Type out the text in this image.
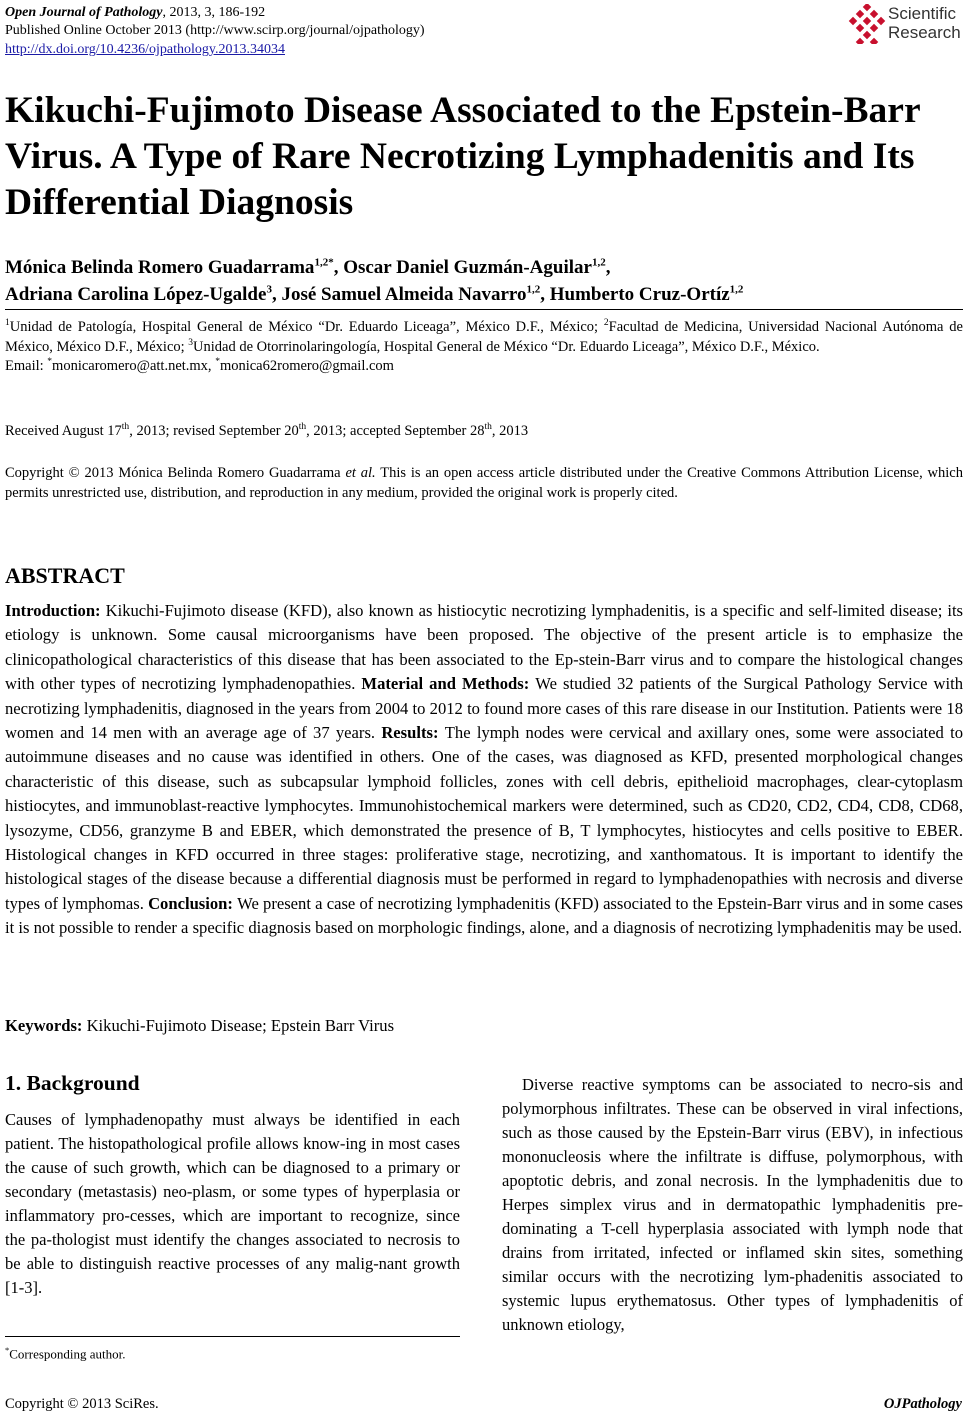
Open Journal of Pathology, 2013, 3, 186-192
Published Online October 2013 (http://www.scirp.org/journal/ojpathology)
http://dx.doi.org/10.4236/ojpathology.2013.34034
Scientific
Research
Kikuchi-Fujimoto Disease Associated to the Epstein-Barr Virus. A Type of Rare Necrotizing Lymphadenitis and Its Differential Diagnosis
Mónica Belinda Romero Guadarrama$^{1,2*}$, Oscar Daniel Guzmán-Aguilar$^{1,2}$,
Adriana Carolina López-Ugalde$^3$, José Samuel Almeida Navarro$^{1,2}$, Humberto Cruz-Ortíz$^{1,2}$
$^1$Unidad de Patología, Hospital General de México “Dr. Eduardo Liceaga”, México D.F., México; $^2$Facultad de Medicina, Universidad Nacional Autónoma de México, México D.F., México; $^3$Unidad de Otorrinolaringología, Hospital General de México “Dr. Eduardo Liceaga”, México D.F., México.
Email: *monicaromero@att.net.mx, *monica62romero@gmail.com
Received August 17th, 2013; revised September 20th, 2013; accepted September 28th, 2013
Copyright © 2013 Mónica Belinda Romero Guadarrama et al. This is an open access article distributed under the Creative Commons Attribution License, which permits unrestricted use, distribution, and reproduction in any medium, provided the original work is properly cited.
ABSTRACT
Introduction: Kikuchi-Fujimoto disease (KFD), also known as histiocytic necrotizing lymphadenitis, is a specific and self-limited disease; its etiology is unknown. Some causal microorganisms have been proposed. The objective of the present article is to emphasize the clinicopathological characteristics of this disease that has been associated to the Ep-stein-Barr virus and to compare the histological changes with other types of necrotizing lymphadenopathies. Material and Methods: We studied 32 patients of the Surgical Pathology Service with necrotizing lymphadenitis, diagnosed in the years from 2004 to 2012 to found more cases of this rare disease in our Institution. Patients were 18 women and 14 men with an average age of 37 years. Results: The lymph nodes were cervical and axillary ones, some were associated to autoimmune diseases and no cause was identified in others. One of the cases, was diagnosed as KFD, presented morphological changes characteristic of this disease, such as subcapsular lymphoid follicles, zones with cell debris, epithelioid macrophages, clear-cytoplasm histiocytes, and immunoblast-reactive lymphocytes. Immunohistochemical markers were determined, such as CD20, CD2, CD4, CD8, CD68, lysozyme, CD56, granzyme B and EBER, which demonstrated the presence of B, T lymphocytes, histiocytes and cells positive to EBER. Histological changes in KFD occurred in three stages: proliferative stage, necrotizing, and xanthomatous. It is important to identify the histological stages of the disease because a differential diagnosis must be performed in regard to lymphadenopathies with necrosis and diverse types of lymphomas. Conclusion: We present a case of necrotizing lymphadenitis (KFD) associated to the Epstein-Barr virus and in some cases it is not possible to render a specific diagnosis based on morphologic findings, alone, and a diagnosis of necrotizing lymphadenitis may be used.
Keywords: Kikuchi-Fujimoto Disease; Epstein Barr Virus
1. Background
Causes of lymphadenopathy must always be identified in each patient. The histopathological profile allows know-ing in most cases the cause of such growth, which can be diagnosed to a primary or secondary (metastasis) neo-plasm, or some types of hyperplasia or inflammatory pro-cesses, which are important to recognize, since the pa-thologist must identify the changes associated to necrosis to be able to distinguish reactive processes of any malig-nant growth [1-3].
Diverse reactive symptoms can be associated to necro-sis and polymorphous infiltrates. These can be observed in viral infections, such as those caused by the Epstein-Barr virus (EBV), in infectious mononucleosis where the infiltrate is diffuse, polymorphous, with apoptotic debris, and zonal necrosis. In the lymphadenitis due to Herpes simplex virus and in dermatopathic lymphadenitis pre-dominating a T-cell hyperplasia associated with lymph node that drains from irritated, infected or inflamed skin sites, something similar occurs with the necrotizing lym-phadenitis associated to systemic lupus erythematosus. Other types of lymphadenitis of unknown etiology,
*Corresponding author.
Copyright © 2013 SciRes.	OJPathology
